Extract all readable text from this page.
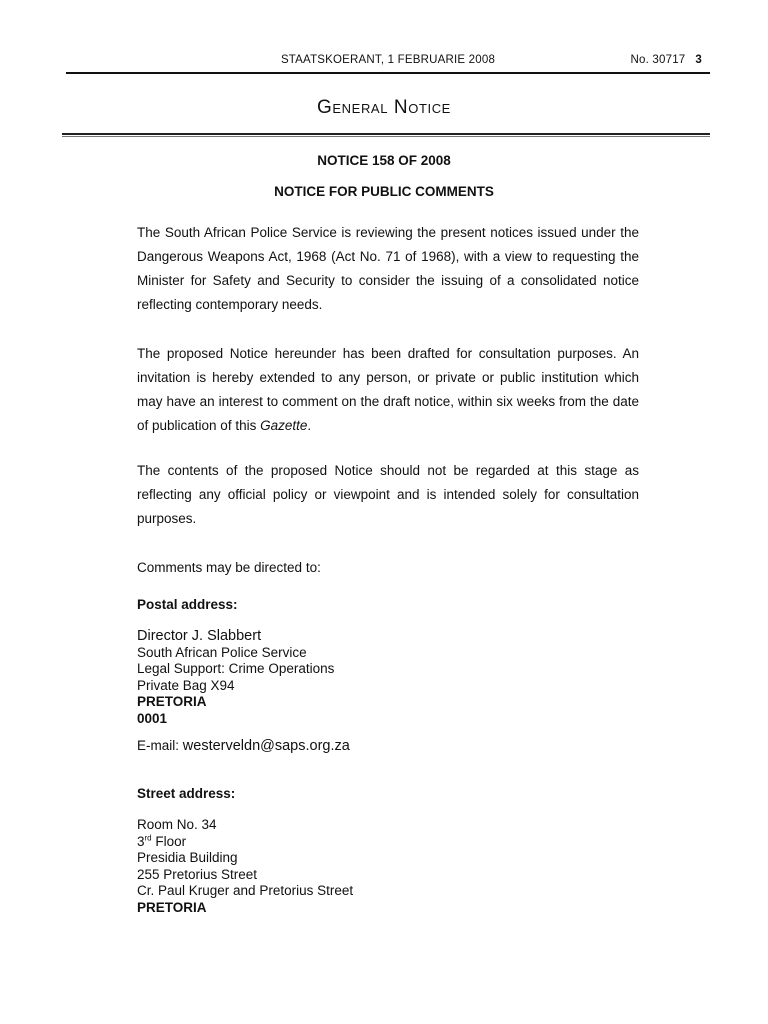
STAATSKOERANT, 1 FEBRUARIE 2008	No. 30717 3
General Notice
NOTICE 158 OF 2008
NOTICE FOR PUBLIC COMMENTS
The South African Police Service is reviewing the present notices issued under the Dangerous Weapons Act, 1968 (Act No. 71 of 1968), with a view to requesting the Minister for Safety and Security to consider the issuing of a consolidated notice reflecting contemporary needs.
The proposed Notice hereunder has been drafted for consultation purposes. An invitation is hereby extended to any person, or private or public institution which may have an interest to comment on the draft notice, within six weeks from the date of publication of this Gazette.
The contents of the proposed Notice should not be regarded at this stage as reflecting any official policy or viewpoint and is intended solely for consultation purposes.
Comments may be directed to:
Postal address:
Director J. Slabbert
South African Police Service
Legal Support: Crime Operations
Private Bag X94
PRETORIA
0001
E-mail: westerveldn@saps.org.za
Street address:
Room No. 34
3rd Floor
Presidia Building
255 Pretorius Street
Cr. Paul Kruger and Pretorius Street
PRETORIA
